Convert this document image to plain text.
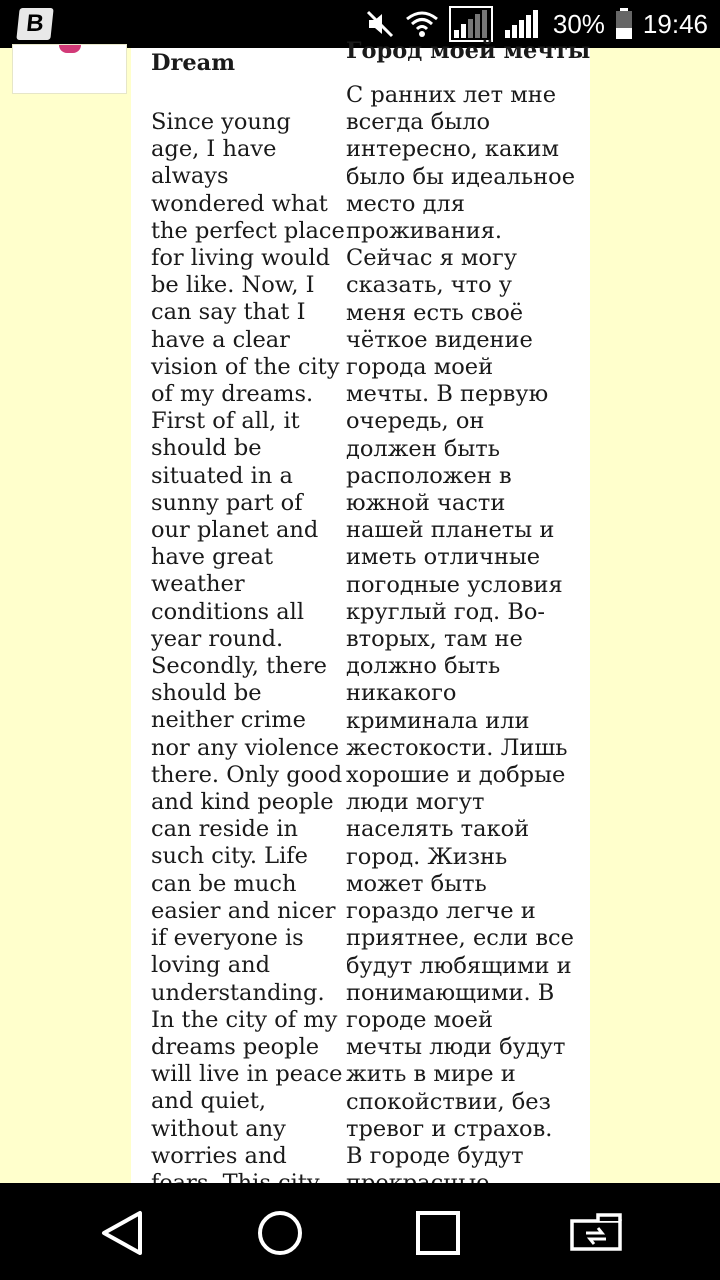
B	30% 19:46
Dream	Город моей мечты
Since young age, I have always wondered what the perfect place for living would be like. Now, I can say that I have a clear vision of the city of my dreams. First of all, it should be situated in a sunny part of our planet and have great weather conditions all year round. Secondly, there should be neither crime nor any violence there. Only good and kind people can reside in such city. Life can be much easier and nicer if everyone is loving and understanding. In the city of my dreams people will live in peace and quiet, without any worries and
С ранних лет мне всегда было интересно, каким было бы идеальное место для проживания. Сейчас я могу сказать, что у меня есть своё чёткое видение города моей мечты. В первую очередь, он должен быть расположен в южной части нашей планеты и иметь отличные погодные условия круглый год. Во-вторых, там не должно быть никакого криминала или жестокости. Лишь хорошие и добрые люди могут населять такой город. Жизнь может быть гораздо легче и приятнее, если все будут любящими и понимающими. В городе моей мечты люди будут жить в мире и спокойствии, без тревог и страхов. В городе будут
